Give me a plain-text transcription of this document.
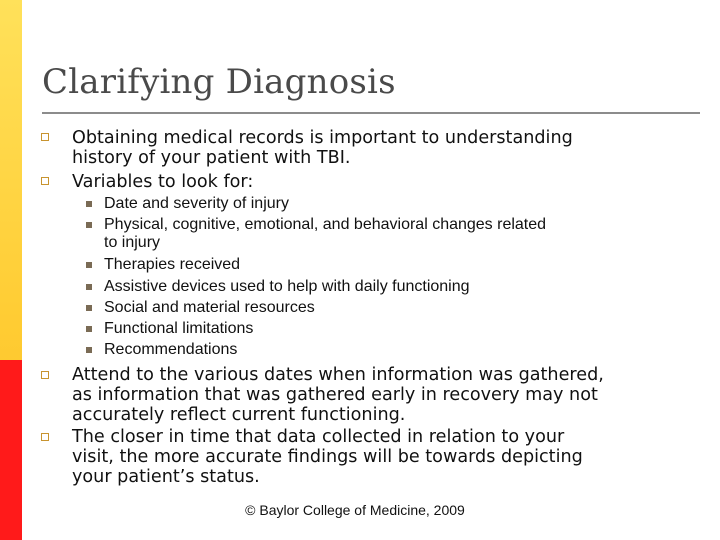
Clarifying Diagnosis
Obtaining medical records is important to understanding
history of your patient with TBI.
Variables to look for:
Date and severity of injury
Physical, cognitive, emotional, and behavioral changes related
to injury
Therapies received
Assistive devices used to help with daily functioning
Social and material resources
Functional limitations
Recommendations
Attend to the various dates when information was gathered,
as information that was gathered early in recovery may not
accurately reflect current functioning.
The closer in time that data collected in relation to your
visit, the more accurate findings will be towards depicting
your patient’s status.
© Baylor College of Medicine, 2009
